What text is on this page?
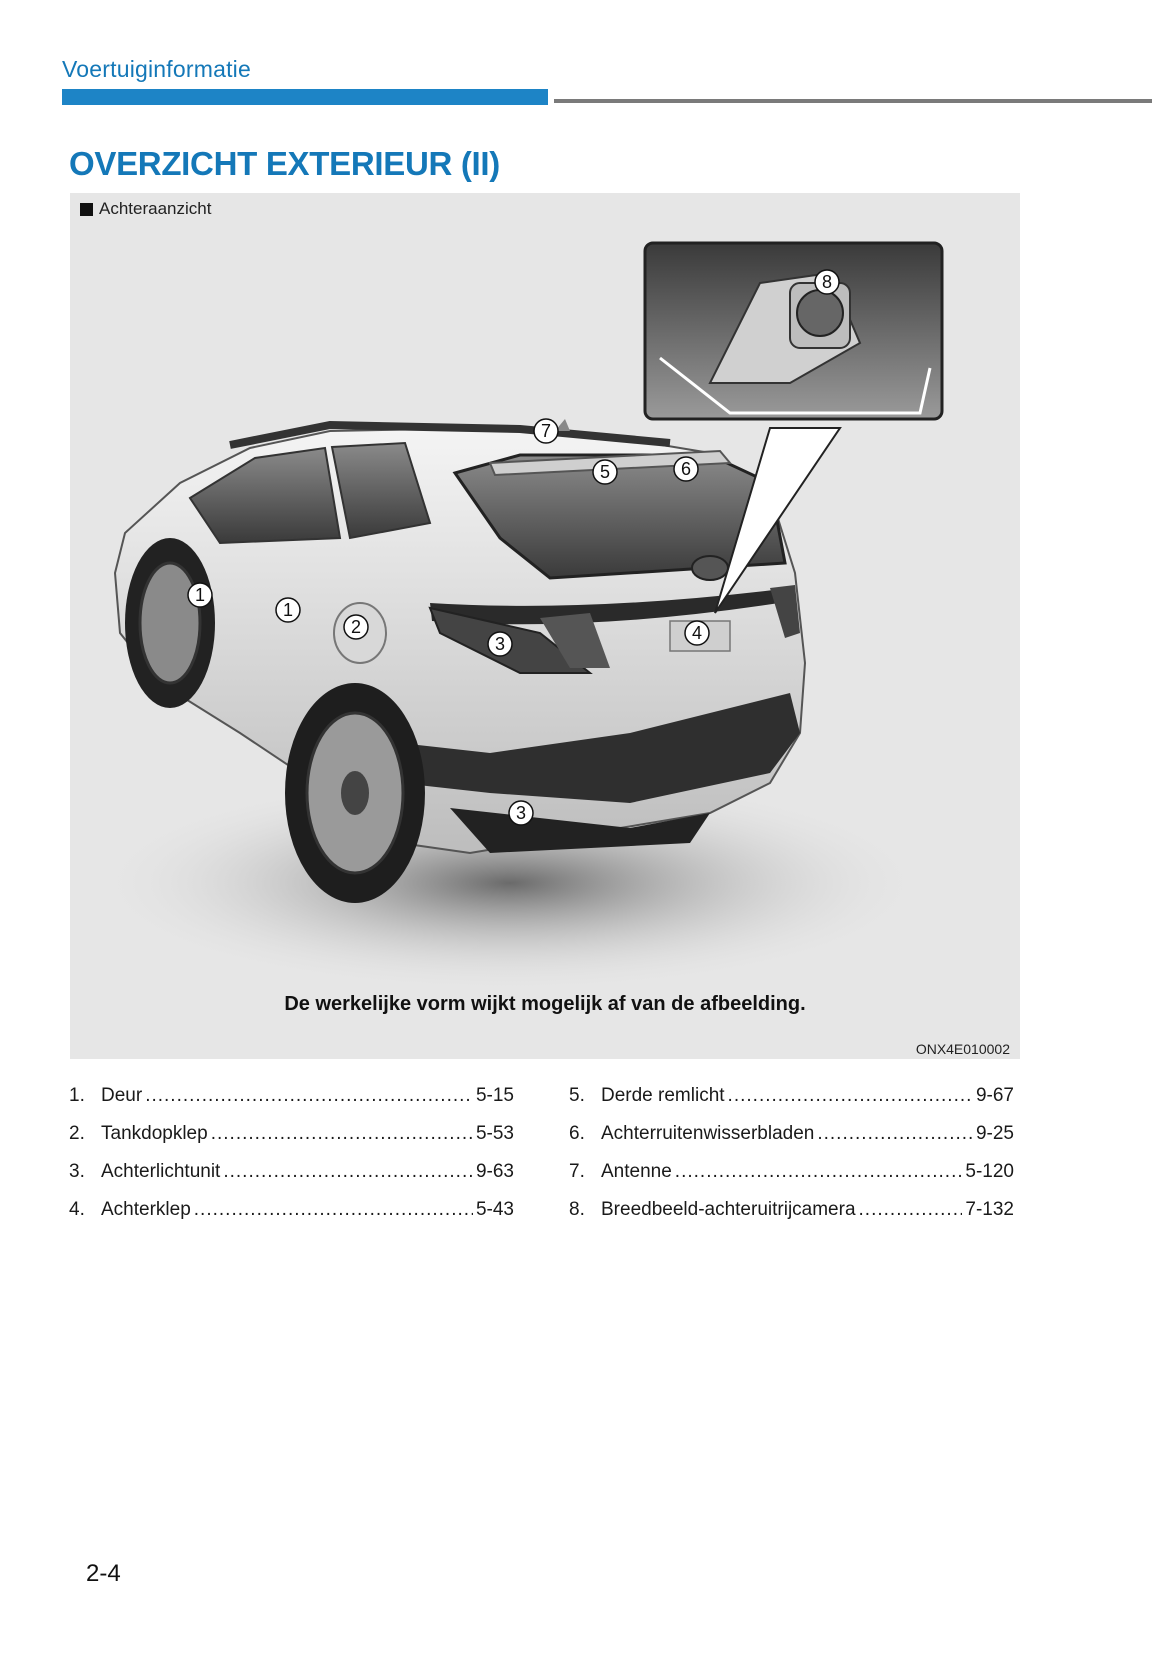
Voertuiginformatie
OVERZICHT EXTERIEUR (II)
1
1
2
3
3
4
5	6
7
8
Achteraanzicht
De werkelijke vorm wijkt mogelijk af van de afbeelding.
ONX4E010002
1. Deur .....	5-15
2. Tankdopklep .....	5-53
3. Achterlichtunit .....	9-63
4. Achterklep .....	5-43
5. Derde remlicht .....	9-67
6. Achterruitenwisserbladen .....	9-25
7. Antenne .....	5-120
8. Breedbeeld-achteruitrijcamera .....	7-132
2-4
